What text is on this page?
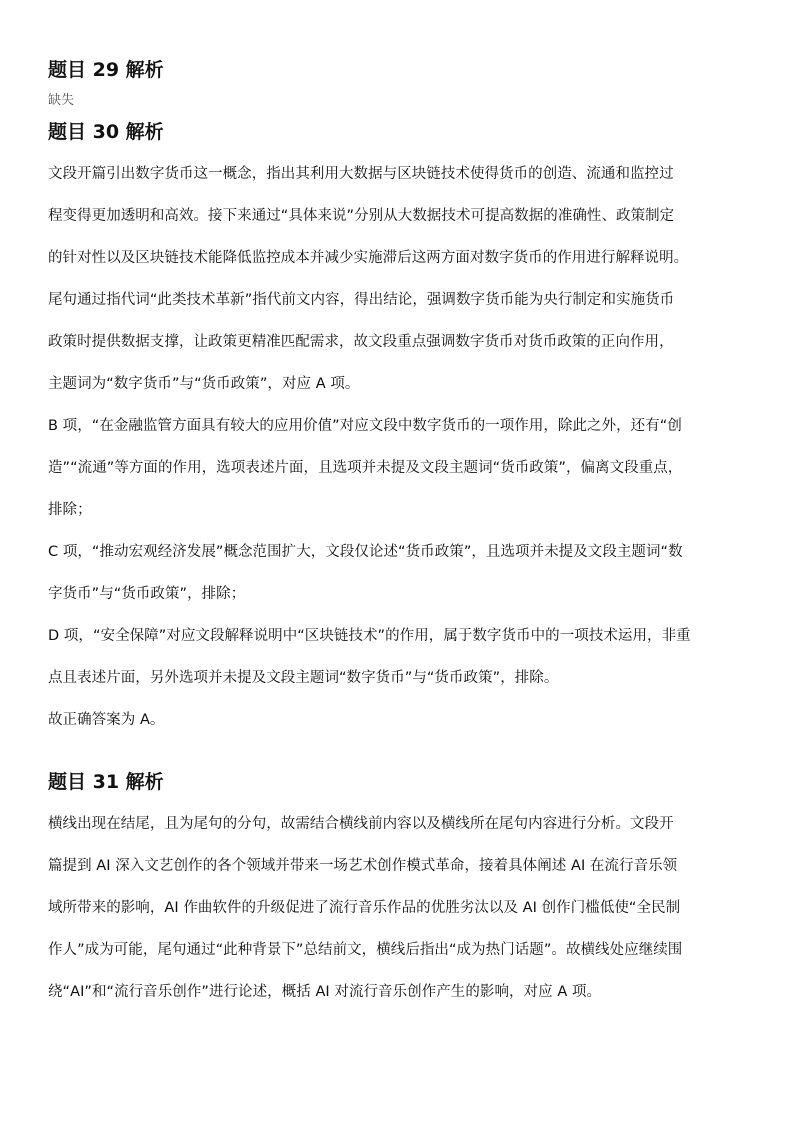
题目 29 解析
缺失
题目 30 解析
文段开篇引出数字货币这一概念，指出其利用大数据与区块链技术使得货币的创造、流通和监控过
程变得更加透明和高效。接下来通过“具体来说”分别从大数据技术可提高数据的准确性、政策制定
的针对性以及区块链技术能降低监控成本并减少实施滞后这两方面对数字货币的作用进行解释说明。
尾句通过指代词“此类技术革新”指代前文内容，得出结论，强调数字货币能为央行制定和实施货币
政策时提供数据支撑，让政策更精准匹配需求，故文段重点强调数字货币对货币政策的正向作用，
主题词为“数字货币”与“货币政策”，对应 A 项。
B 项，“在金融监管方面具有较大的应用价值”对应文段中数字货币的一项作用，除此之外，还有“创
造”“流通”等方面的作用，选项表述片面，且选项并未提及文段主题词“货币政策”，偏离文段重点，
排除；
C 项，“推动宏观经济发展”概念范围扩大，文段仅论述“货币政策”，且选项并未提及文段主题词“数
字货币”与“货币政策”，排除；
D 项，“安全保障”对应文段解释说明中“区块链技术”的作用，属于数字货币中的一项技术运用，非重
点且表述片面，另外选项并未提及文段主题词“数字货币”与“货币政策”，排除。
故正确答案为 A。
题目 31 解析
横线出现在结尾，且为尾句的分句，故需结合横线前内容以及横线所在尾句内容进行分析。文段开
篇提到 AI 深入文艺创作的各个领域并带来一场艺术创作模式革命，接着具体阐述 AI 在流行音乐领
域所带来的影响，AI 作曲软件的升级促进了流行音乐作品的优胜劣汰以及 AI 创作门槛低使“全民制
作人”成为可能，尾句通过“此种背景下”总结前文，横线后指出“成为热门话题”。故横线处应继续围
绕“AI”和“流行音乐创作”进行论述，概括 AI 对流行音乐创作产生的影响，对应 A 项。
